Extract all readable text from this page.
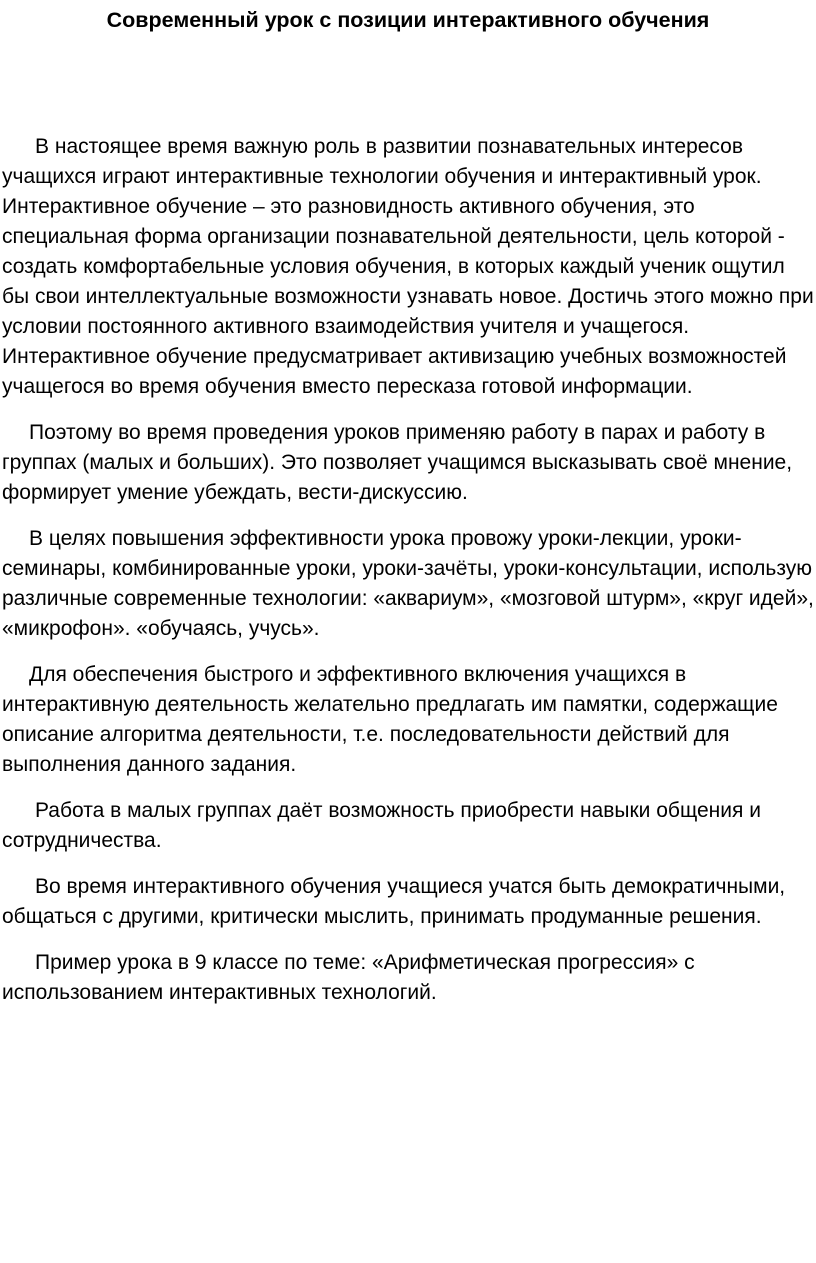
Современный урок с позиции интерактивного обучения

В настоящее время важную роль в развитии познавательных интересов учащихся играют интерактивные технологии обучения и интерактивный урок. Интерактивное обучение – это разновидность активного обучения, это специальная форма организации познавательной деятельности, цель которой - создать комфортабельные условия обучения, в которых каждый ученик ощутил бы свои интеллектуальные возможности узнавать новое. Достичь этого можно при условии постоянного активного взаимодействия учителя и учащегося. Интерактивное обучение предусматривает активизацию учебных возможностей учащегося во время обучения вместо пересказа готовой информации.

Поэтому во время проведения уроков применяю работу в парах и работу в группах (малых и больших). Это позволяет учащимся высказывать своё мнение, формирует умение убеждать, вести-дискуссию.

В целях повышения эффективности урока провожу уроки-лекции, уроки-семинары, комбинированные уроки, уроки-зачёты, уроки-консультации, использую различные современные технологии: «аквариум», «мозговой штурм», «круг идей», «микрофон». «обучаясь, учусь».

Для обеспечения быстрого и эффективного включения учащихся в интерактивную деятельность желательно предлагать им памятки, содержащие описание алгоритма деятельности, т.е. последовательности действий для выполнения данного задания.

Работа в малых группах даёт возможность приобрести навыки общения и сотрудничества.

Во время интерактивного обучения учащиеся учатся быть демократичными, общаться с другими, критически мыслить, принимать продуманные решения.

Пример урока в 9 классе по теме: «Арифметическая прогрессия» с использованием интерактивных технологий.
